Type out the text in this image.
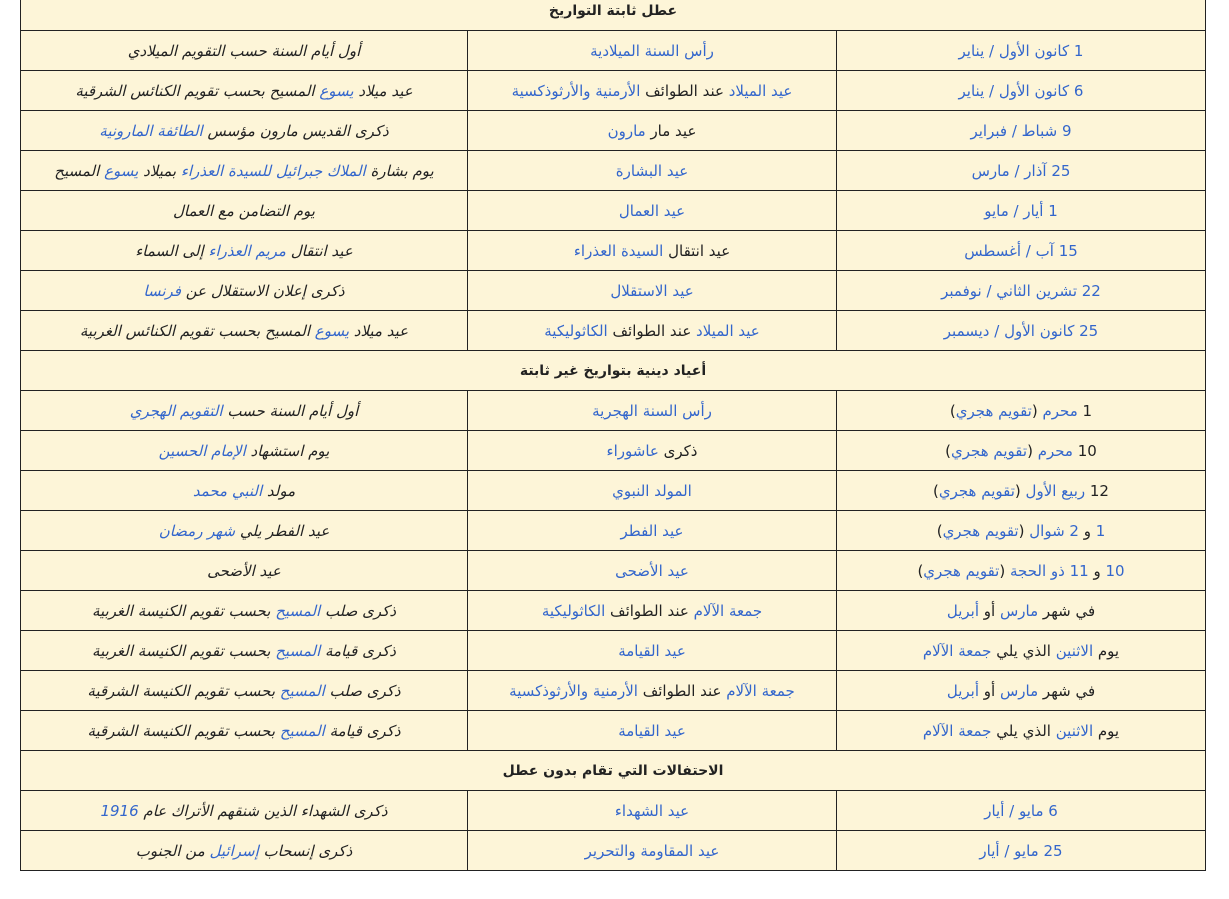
عطل ثابتة التواريخ		
1 كانون الأول / يناير	رأس السنة الميلادية	أول أيام السنة حسب التقويم الميلادي
6 كانون الأول / يناير	عيد الميلاد عند الطوائف الأرمنية والأرثوذكسية	عيد ميلاد يسوع المسيح بحسب تقويم الكنائس الشرقية
9 شباط / فبراير	عيد مار مارون	ذكرى القديس مارون مؤسس الطائفة المارونية
25 آذار / مارس	عيد البشارة	يوم بشارة الملاك جبرائيل للسيدة العذراء بميلاد يسوع المسيح
1 أيار / مايو	عيد العمال	يوم التضامن مع العمال
15 آب / أغسطس	عيد انتقال السيدة العذراء	عيد انتقال مريم العذراء إلى السماء
22 تشرين الثاني / نوفمبر	عيد الاستقلال	ذكرى إعلان الاستقلال عن فرنسا
25 كانون الأول / ديسمبر	عيد الميلاد عند الطوائف الكاثوليكية	عيد ميلاد يسوع المسيح بحسب تقويم الكنائس الغربية
أعياد دينية بتواريخ غير ثابتة		
1 محرم (تقويم هجري)	رأس السنة الهجرية	أول أيام السنة حسب التقويم الهجري
10 محرم (تقويم هجري)	ذكرى عاشوراء	يوم استشهاد الإمام الحسين
12 ربيع الأول (تقويم هجري)	المولد النبوي	مولد النبي محمد
1 و 2 شوال (تقويم هجري)	عيد الفطر	عيد الفطر يلي شهر رمضان
10 و 11 ذو الحجة (تقويم هجري)	عيد الأضحى	عيد الأضحى
في شهر مارس أو أبريل	جمعة الآلام عند الطوائف الكاثوليكية	ذكرى صلب المسيح بحسب تقويم الكنيسة الغربية
يوم الاثنين الذي يلي جمعة الآلام	عيد القيامة	ذكرى قيامة المسيح بحسب تقويم الكنيسة الغربية
في شهر مارس أو أبريل	جمعة الآلام عند الطوائف الأرمنية والأرثوذكسية	ذكرى صلب المسيح بحسب تقويم الكنيسة الشرقية
يوم الاثنين الذي يلي جمعة الآلام	عيد القيامة	ذكرى قيامة المسيح بحسب تقويم الكنيسة الشرقية
الاحتفالات التي تقام بدون عطل		
6 مايو / أيار	عيد الشهداء	ذكرى الشهداء الذين شنقهم الأتراك عام 1916
25 مايو / أيار	عيد المقاومة والتحرير	ذكرى إنسحاب إسرائيل من الجنوب
